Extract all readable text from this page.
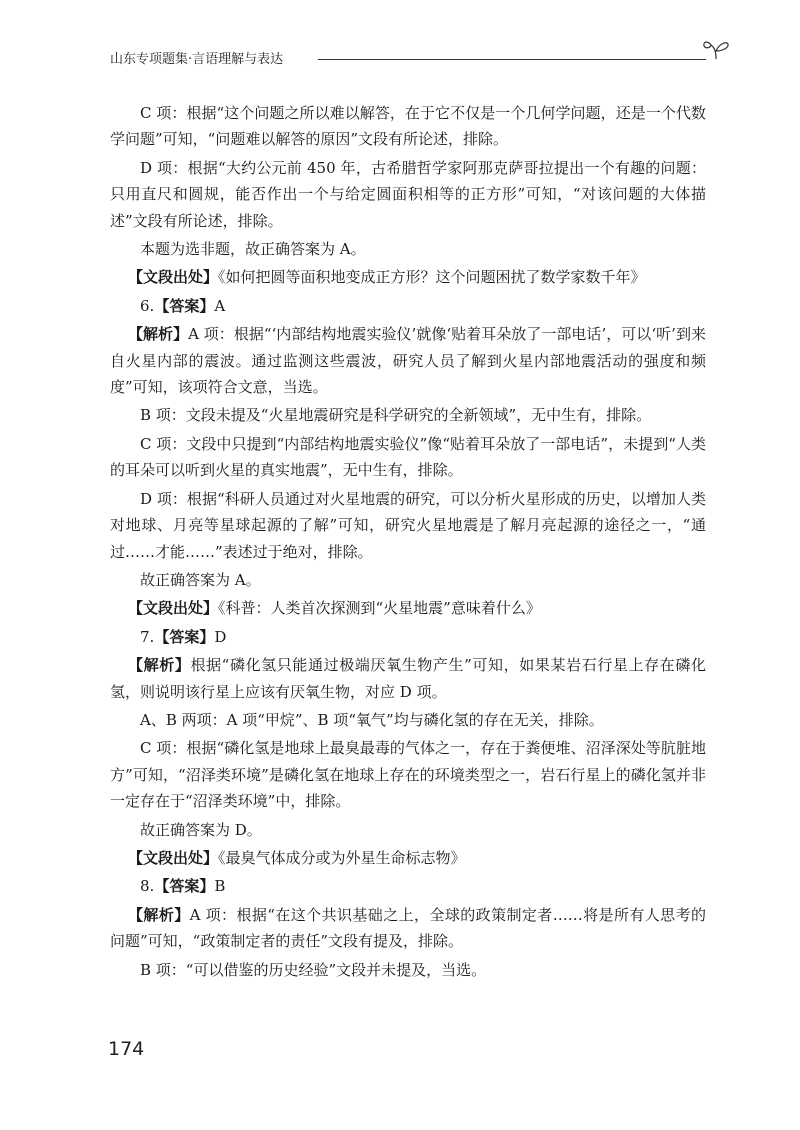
山东专项题集·言语理解与表达

C 项：根据“这个问题之所以难以解答，在于它不仅是一个几何学问题，还是一个代数学问题”可知，“问题难以解答的原因”文段有所论述，排除。

D 项：根据“大约公元前 450 年，古希腊哲学家阿那克萨哥拉提出一个有趣的问题：只用直尺和圆规，能否作出一个与给定圆面积相等的正方形”可知，“对该问题的大体描述”文段有所论述，排除。

本题为选非题，故正确答案为 A。

【文段出处】《如何把圆等面积地变成正方形？这个问题困扰了数学家数千年》

6.【答案】A

【解析】A 项：根据“‘内部结构地震实验仪’就像‘贴着耳朵放了一部电话’，可以‘听’到来自火星内部的震波。通过监测这些震波，研究人员了解到火星内部地震活动的强度和频度”可知，该项符合文意，当选。

B 项：文段未提及“火星地震研究是科学研究的全新领域”，无中生有，排除。

C 项：文段中只提到“内部结构地震实验仪”像“贴着耳朵放了一部电话”，未提到“人类的耳朵可以听到火星的真实地震”，无中生有，排除。

D 项：根据“科研人员通过对火星地震的研究，可以分析火星形成的历史，以增加人类对地球、月亮等星球起源的了解”可知，研究火星地震是了解月亮起源的途径之一，“通过……才能……”表述过于绝对，排除。

故正确答案为 A。

【文段出处】《科普：人类首次探测到“火星地震”意味着什么》

7.【答案】D

【解析】根据“磷化氢只能通过极端厌氧生物产生”可知，如果某岩石行星上存在磷化氢，则说明该行星上应该有厌氧生物，对应 D 项。

A、B 两项：A 项“甲烷”、B 项“氧气”均与磷化氢的存在无关，排除。

C 项：根据“磷化氢是地球上最臭最毒的气体之一，存在于粪便堆、沼泽深处等肮脏地方”可知，“沼泽类环境”是磷化氢在地球上存在的环境类型之一，岩石行星上的磷化氢并非一定存在于“沼泽类环境”中，排除。

故正确答案为 D。

【文段出处】《最臭气体成分或为外星生命标志物》

8.【答案】B

【解析】A 项：根据“在这个共识基础之上，全球的政策制定者……将是所有人思考的问题”可知，“政策制定者的责任”文段有提及，排除。

B 项：“可以借鉴的历史经验”文段并未提及，当选。

174
